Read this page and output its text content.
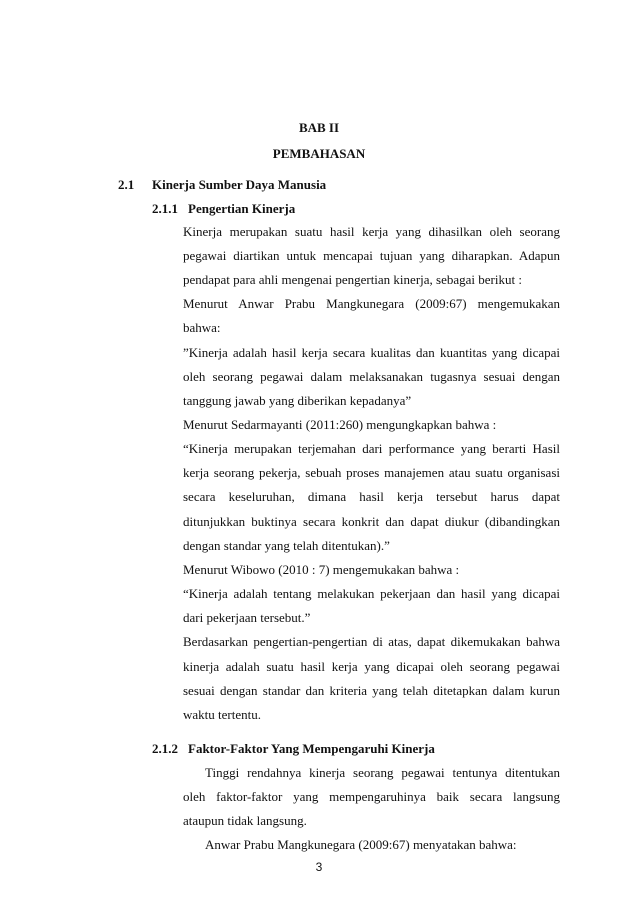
BAB II
PEMBAHASAN
2.1 Kinerja Sumber Daya Manusia
2.1.1 Pengertian Kinerja
Kinerja merupakan suatu hasil kerja yang dihasilkan oleh seorang
pegawai diartikan untuk mencapai tujuan yang diharapkan. Adapun
pendapat para ahli mengenai pengertian kinerja, sebagai berikut :
Menurut Anwar Prabu Mangkunegara (2009:67) mengemukakan
bahwa:
”Kinerja adalah hasil kerja secara kualitas dan kuantitas yang dicapai
oleh seorang pegawai dalam melaksanakan tugasnya sesuai dengan
tanggung jawab yang diberikan kepadanya”
Menurut Sedarmayanti (2011:260) mengungkapkan bahwa :
“Kinerja merupakan terjemahan dari performance yang berarti Hasil
kerja seorang pekerja, sebuah proses manajemen atau suatu organisasi
secara keseluruhan, dimana hasil kerja tersebut harus dapat
ditunjukkan buktinya secara konkrit dan dapat diukur (dibandingkan
dengan standar yang telah ditentukan).”
Menurut Wibowo (2010 : 7) mengemukakan bahwa :
“Kinerja adalah tentang melakukan pekerjaan dan hasil yang dicapai
dari pekerjaan tersebut.”
Berdasarkan pengertian-pengertian di atas, dapat dikemukakan bahwa
kinerja adalah suatu hasil kerja yang dicapai oleh seorang pegawai
sesuai dengan standar dan kriteria yang telah ditetapkan dalam kurun
waktu tertentu.
2.1.2 Faktor-Faktor Yang Mempengaruhi Kinerja
Tinggi rendahnya kinerja seorang pegawai tentunya ditentukan
oleh faktor-faktor yang mempengaruhinya baik secara langsung
ataupun tidak langsung.
Anwar Prabu Mangkunegara (2009:67) menyatakan bahwa:
3
